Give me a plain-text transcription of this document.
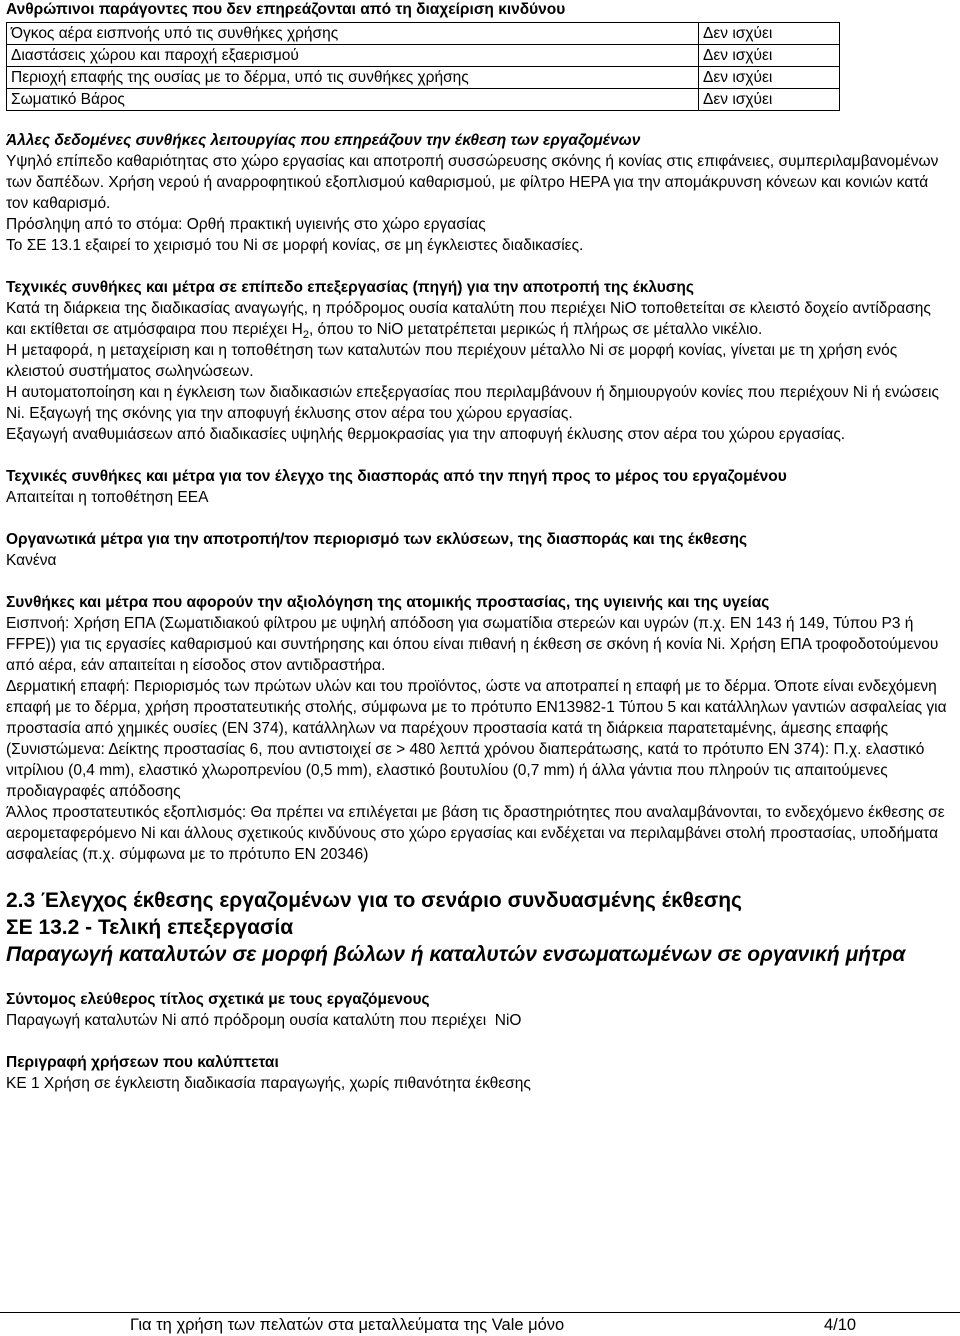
Ανθρώπινοι παράγοντες που δεν επηρεάζονται από τη διαχείριση κινδύνου

Όγκος αέρα εισπνοής υπό τις συνθήκες χρήσης	Δεν ισχύει
Διαστάσεις χώρου και παροχή εξαερισμού	Δεν ισχύει
Περιοχή επαφής της ουσίας με το δέρμα, υπό τις συνθήκες χρήσης	Δεν ισχύει
Σωματικό Βάρος	Δεν ισχύει

Άλλες δεδομένες συνθήκες λειτουργίας που επηρεάζουν την έκθεση των εργαζομένων

Υψηλό επίπεδο καθαριότητας στο χώρο εργασίας και αποτροπή συσσώρευσης σκόνης ή κονίας στις επιφάνειες, συμπεριλαμβανομένων των δαπέδων. Χρήση νερού ή αναρροφητικού εξοπλισμού καθαρισμού, με φίλτρο HEPA για την απομάκρυνση κόνεων και κονιών κατά τον καθαρισμό.

Πρόσληψη από το στόμα: Ορθή πρακτική υγιεινής στο χώρο εργασίας

Το ΣΕ 13.1 εξαιρεί το χειρισμό του Ni σε μορφή κονίας, σε μη έγκλειστες διαδικασίες.

Τεχνικές συνθήκες και μέτρα σε επίπεδο επεξεργασίας (πηγή) για την αποτροπή της έκλυσης

Κατά τη διάρκεια της διαδικασίας αναγωγής, η πρόδρομος ουσία καταλύτη που περιέχει NiO τοποθετείται σε κλειστό δοχείο αντίδρασης και εκτίθεται σε ατμόσφαιρα που περιέχει $H_2$, όπου το NiO μετατρέπεται μερικώς ή πλήρως σε μέταλλο νικέλιο.

Η μεταφορά, η μεταχείριση και η τοποθέτηση των καταλυτών που περιέχουν μέταλλο Ni σε μορφή κονίας, γίνεται με τη χρήση ενός κλειστού συστήματος σωληνώσεων.

Η αυτοματοποίηση και η έγκλειση των διαδικασιών επεξεργασίας που περιλαμβάνουν ή δημιουργούν κονίες που περιέχουν Ni ή ενώσεις Ni. Εξαγωγή της σκόνης για την αποφυγή έκλυσης στον αέρα του χώρου εργασίας.

Εξαγωγή αναθυμιάσεων από διαδικασίες υψηλής θερμοκρασίας για την αποφυγή έκλυσης στον αέρα του χώρου εργασίας.

Τεχνικές συνθήκες και μέτρα για τον έλεγχο της διασποράς από την πηγή προς το μέρος του εργαζομένου

Απαιτείται η τοποθέτηση ΕΕΑ

Οργανωτικά μέτρα για την αποτροπή/τον περιορισμό των εκλύσεων, της διασποράς και της έκθεσης

Κανένα

Συνθήκες και μέτρα που αφορούν την αξιολόγηση της ατομικής προστασίας, της υγιεινής και της υγείας

Εισπνοή: Χρήση ΕΠΑ (Σωματιδιακού φίλτρου με υψηλή απόδοση για σωματίδια στερεών και υγρών (π.χ. EN 143 ή 149, Τύπου P3 ή FFPE)) για τις εργασίες καθαρισμού και συντήρησης και όπου είναι πιθανή η έκθεση σε σκόνη ή κονία Ni. Χρήση ΕΠΑ τροφοδοτούμενου από αέρα, εάν απαιτείται η είσοδος στον αντιδραστήρα.

Δερματική επαφή: Περιορισμός των πρώτων υλών και του προϊόντος, ώστε να αποτραπεί η επαφή με το δέρμα. Όποτε είναι ενδεχόμενη επαφή με το δέρμα, χρήση προστατευτικής στολής, σύμφωνα με το πρότυπο EN13982-1 Τύπου 5 και κατάλληλων γαντιών ασφαλείας για προστασία από χημικές ουσίες (EN 374), κατάλληλων να παρέχουν προστασία κατά τη διάρκεια παρατεταμένης, άμεσης επαφής (Συνιστώμενα: Δείκτης προστασίας 6, που αντιστοιχεί σε > 480 λεπτά χρόνου διαπεράτωσης, κατά το πρότυπο EN 374): Π.χ. ελαστικό νιτρίλιου (0,4 mm), ελαστικό χλωροπρενίου (0,5 mm), ελαστικό βουτυλίου (0,7 mm) ή άλλα γάντια που πληρούν τις απαιτούμενες προδιαγραφές απόδοσης

Άλλος προστατευτικός εξοπλισμός: Θα πρέπει να επιλέγεται με βάση τις δραστηριότητες που αναλαμβάνονται, το ενδεχόμενο έκθεσης σε αερομεταφερόμενο Ni και άλλους σχετικούς κινδύνους στο χώρο εργασίας και ενδέχεται να περιλαμβάνει στολή προστασίας, υποδήματα ασφαλείας (π.χ. σύμφωνα με το πρότυπο EN 20346)

2.3 Έλεγχος έκθεσης εργαζομένων για το σενάριο συνδυασμένης έκθεσης
ΣΕ 13.2 - Τελική επεξεργασία
Παραγωγή καταλυτών σε μορφή βώλων ή καταλυτών ενσωματωμένων σε οργανική μήτρα

Σύντομος ελεύθερος τίτλος σχετικά με τους εργαζόμενους

Παραγωγή καταλυτών Ni από πρόδρομη ουσία καταλύτη που περιέχει  NiO

Περιγραφή χρήσεων που καλύπτεται

ΚΕ 1 Χρήση σε έγκλειστη διαδικασία παραγωγής, χωρίς πιθανότητα έκθεσης

Για τη χρήση των πελατών στα μεταλλεύματα της Vale μόνο	4/10
